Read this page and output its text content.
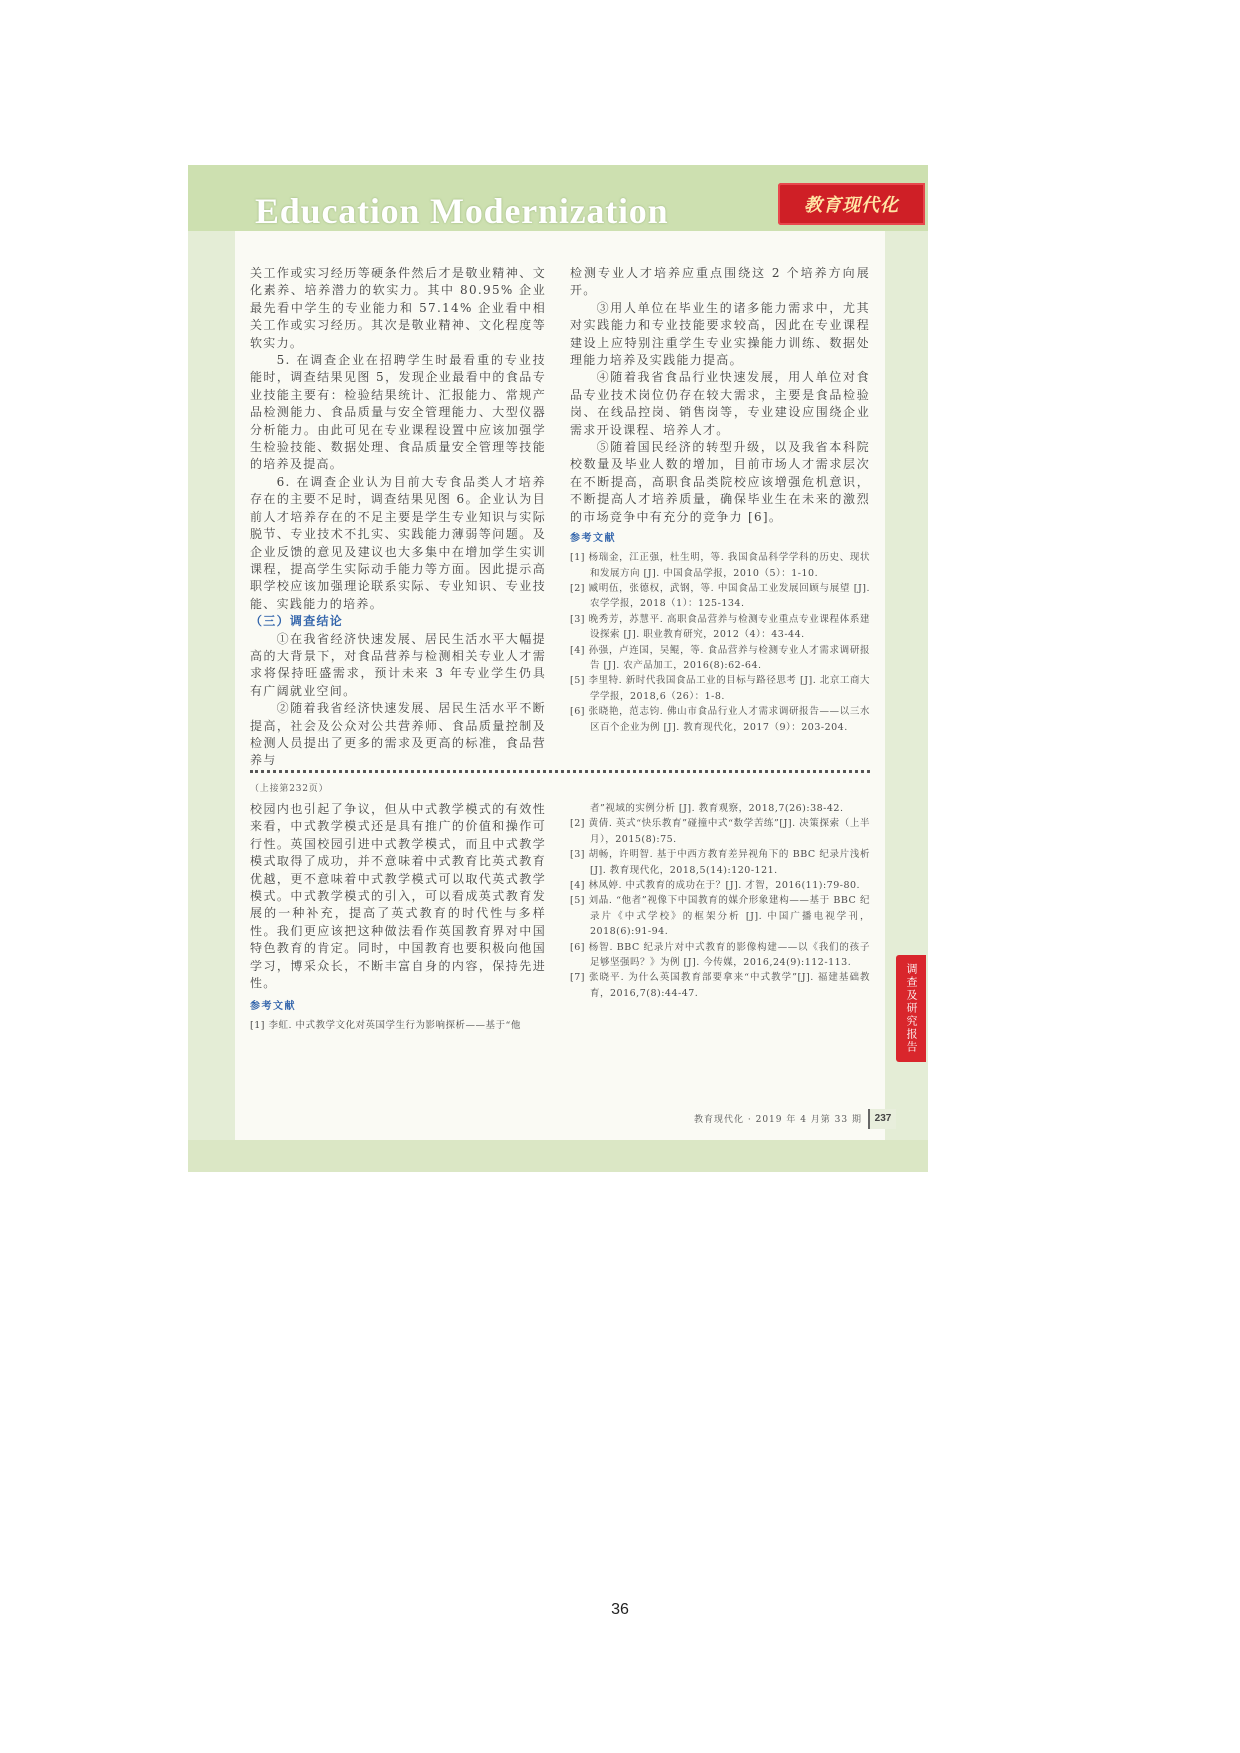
Education Modernization	教育现代化

关工作或实习经历等硬条件然后才是敬业精神、文化素养、培养潜力的软实力。其中 80.95% 企业最先看中学生的专业能力和 57.14% 企业看中相关工作或实习经历。其次是敬业精神、文化程度等软实力。

5. 在调查企业在招聘学生时最看重的专业技能时，调查结果见图 5，发现企业最看中的食品专业技能主要有：检验结果统计、汇报能力、常规产品检测能力、食品质量与安全管理能力、大型仪器分析能力。由此可见在专业课程设置中应该加强学生检验技能、数据处理、食品质量安全管理等技能的培养及提高。

6. 在调查企业认为目前大专食品类人才培养存在的主要不足时，调查结果见图 6。企业认为目前人才培养存在的不足主要是学生专业知识与实际脱节、专业技术不扎实、实践能力薄弱等问题。及企业反馈的意见及建议也大多集中在增加学生实训课程，提高学生实际动手能力等方面。因此提示高职学校应该加强理论联系实际、专业知识、专业技能、实践能力的培养。

（三）调查结论

①在我省经济快速发展、居民生活水平大幅提高的大背景下，对食品营养与检测相关专业人才需求将保持旺盛需求，预计未来 3 年专业学生仍具有广阔就业空间。

②随着我省经济快速发展、居民生活水平不断提高，社会及公众对公共营养师、食品质量控制及检测人员提出了更多的需求及更高的标准，食品营养与

检测专业人才培养应重点围绕这 2 个培养方向展开。

③用人单位在毕业生的诸多能力需求中，尤其对实践能力和专业技能要求较高，因此在专业课程建设上应特别注重学生专业实操能力训练、数据处理能力培养及实践能力提高。

④随着我省食品行业快速发展，用人单位对食品专业技术岗位仍存在较大需求，主要是食品检验岗、在线品控岗、销售岗等，专业建设应围绕企业需求开设课程、培养人才。

⑤随着国民经济的转型升级，以及我省本科院校数量及毕业人数的增加，目前市场人才需求层次在不断提高，高职食品类院校应该增强危机意识，不断提高人才培养质量，确保毕业生在未来的激烈的市场竞争中有充分的竞争力 [6]。

参考文献

[1] 杨瑞金，江正强，杜生明，等. 我国食品科学学科的历史、现状和发展方向 [J]. 中国食品学报，2010（5）：1-10.

[2] 臧明伍，张德权，武钢，等. 中国食品工业发展回顾与展望 [J]. 农学学报，2018（1）：125-134.

[3] 晚秀芳，苏慧平. 高职食品营养与检测专业重点专业课程体系建设探索 [J]. 职业教育研究，2012（4）：43-44.

[4] 孙强，卢连国，吴鲲，等. 食品营养与检测专业人才需求调研报告 [J]. 农产品加工，2016(8):62-64.

[5] 李里特. 新时代我国食品工业的目标与路径思考 [J]. 北京工商大学学报，2018,6（26）：1-8.

[6] 张晓艳，范志钧. 佛山市食品行业人才需求调研报告——以三水区百个企业为例 [J]. 教育现代化，2017（9）：203-204.

（上接第232页）

校园内也引起了争议，但从中式教学模式的有效性来看，中式教学模式还是具有推广的价值和操作可行性。英国校园引进中式教学模式，而且中式教学模式取得了成功，并不意味着中式教育比英式教育优越，更不意味着中式教学模式可以取代英式教学模式。中式教学模式的引入，可以看成英式教育发展的一种补充，提高了英式教育的时代性与多样性。我们更应该把这种做法看作英国教育界对中国特色教育的肯定。同时，中国教育也要积极向他国学习，博采众长，不断丰富自身的内容，保持先进性。

参考文献

[1] 李虹. 中式教学文化对英国学生行为影响探析——基于“他

者”视域的实例分析 [J]. 教育观察，2018,7(26):38-42.

[2] 黄倩. 英式“快乐教育”碰撞中式“数学苦练”[J]. 决策探索（上半月），2015(8):75.

[3] 胡畅，许明智. 基于中西方教育差异视角下的 BBC 纪录片浅析 [J]. 教育现代化，2018,5(14):120-121.

[4] 林凤婷. 中式教育的成功在于？[J]. 才智，2016(11):79-80.

[5] 刘晶. “他者”视像下中国教育的媒介形象建构——基于 BBC 纪录片《中式学校》的框架分析 [J]. 中国广播电视学刊，2018(6):91-94.

[6] 杨智. BBC 纪录片对中式教育的影像构建——以《我们的孩子足够坚强吗？》为例 [J]. 今传媒，2016,24(9):112-113.

[7] 张晓平. 为什么英国教育部要拿来“中式教学”[J]. 福建基础教育，2016,7(8):44-47.	调查及研究报告
教育现代化 · 2019 年 4 月第 33 期	237
36
